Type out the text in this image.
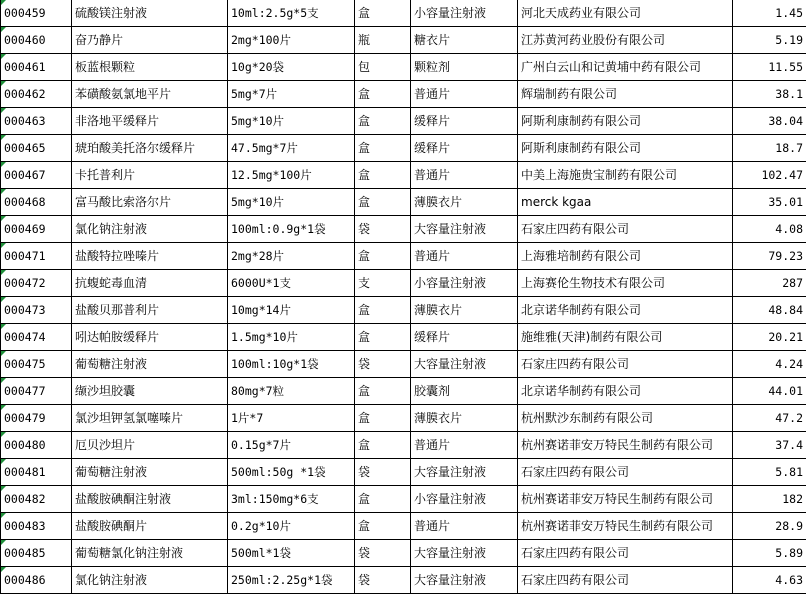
000459	硫酸镁注射液	10ml:2.5g*5支	盒	小容量注射液	河北天成药业有限公司	1.45
000460	奋乃静片	2mg*100片	瓶	糖衣片	江苏黄河药业股份有限公司	5.19
000461	板蓝根颗粒	10g*20袋	包	颗粒剂	广州白云山和记黄埔中药有限公司	11.55
000462	苯磺酸氨氯地平片	5mg*7片	盒	普通片	辉瑞制药有限公司	38.1
000463	非洛地平缓释片	5mg*10片	盒	缓释片	阿斯利康制药有限公司	38.04
000465	琥珀酸美托洛尔缓释片	47.5mg*7片	盒	缓释片	阿斯利康制药有限公司	18.7
000467	卡托普利片	12.5mg*100片	盒	普通片	中美上海施贵宝制药有限公司	102.47
000468	富马酸比索洛尔片	5mg*10片	盒	薄膜衣片	merck kgaa	35.01
000469	氯化钠注射液	100ml:0.9g*1袋	袋	大容量注射液	石家庄四药有限公司	4.08
000471	盐酸特拉唑嗪片	2mg*28片	盒	普通片	上海雅培制药有限公司	79.23
000472	抗蝮蛇毒血清	6000U*1支	支	小容量注射液	上海赛伦生物技术有限公司	287
000473	盐酸贝那普利片	10mg*14片	盒	薄膜衣片	北京诺华制药有限公司	48.84
000474	吲达帕胺缓释片	1.5mg*10片	盒	缓释片	施维雅(天津)制药有限公司	20.21
000475	葡萄糖注射液	100ml:10g*1袋	袋	大容量注射液	石家庄四药有限公司	4.24
000477	缬沙坦胶囊	80mg*7粒	盒	胶囊剂	北京诺华制药有限公司	44.01
000479	氯沙坦钾氢氯噻嗪片	1片*7	盒	薄膜衣片	杭州默沙东制药有限公司	47.2
000480	厄贝沙坦片	0.15g*7片	盒	普通片	杭州赛诺菲安万特民生制药有限公司	37.4
000481	葡萄糖注射液	500ml:50g *1袋	袋	大容量注射液	石家庄四药有限公司	5.81
000482	盐酸胺碘酮注射液	3ml:150mg*6支	盒	小容量注射液	杭州赛诺菲安万特民生制药有限公司	182
000483	盐酸胺碘酮片	0.2g*10片	盒	普通片	杭州赛诺菲安万特民生制药有限公司	28.9
000485	葡萄糖氯化钠注射液	500ml*1袋	袋	大容量注射液	石家庄四药有限公司	5.89
000486	氯化钠注射液	250ml:2.25g*1袋	袋	大容量注射液	石家庄四药有限公司	4.63
